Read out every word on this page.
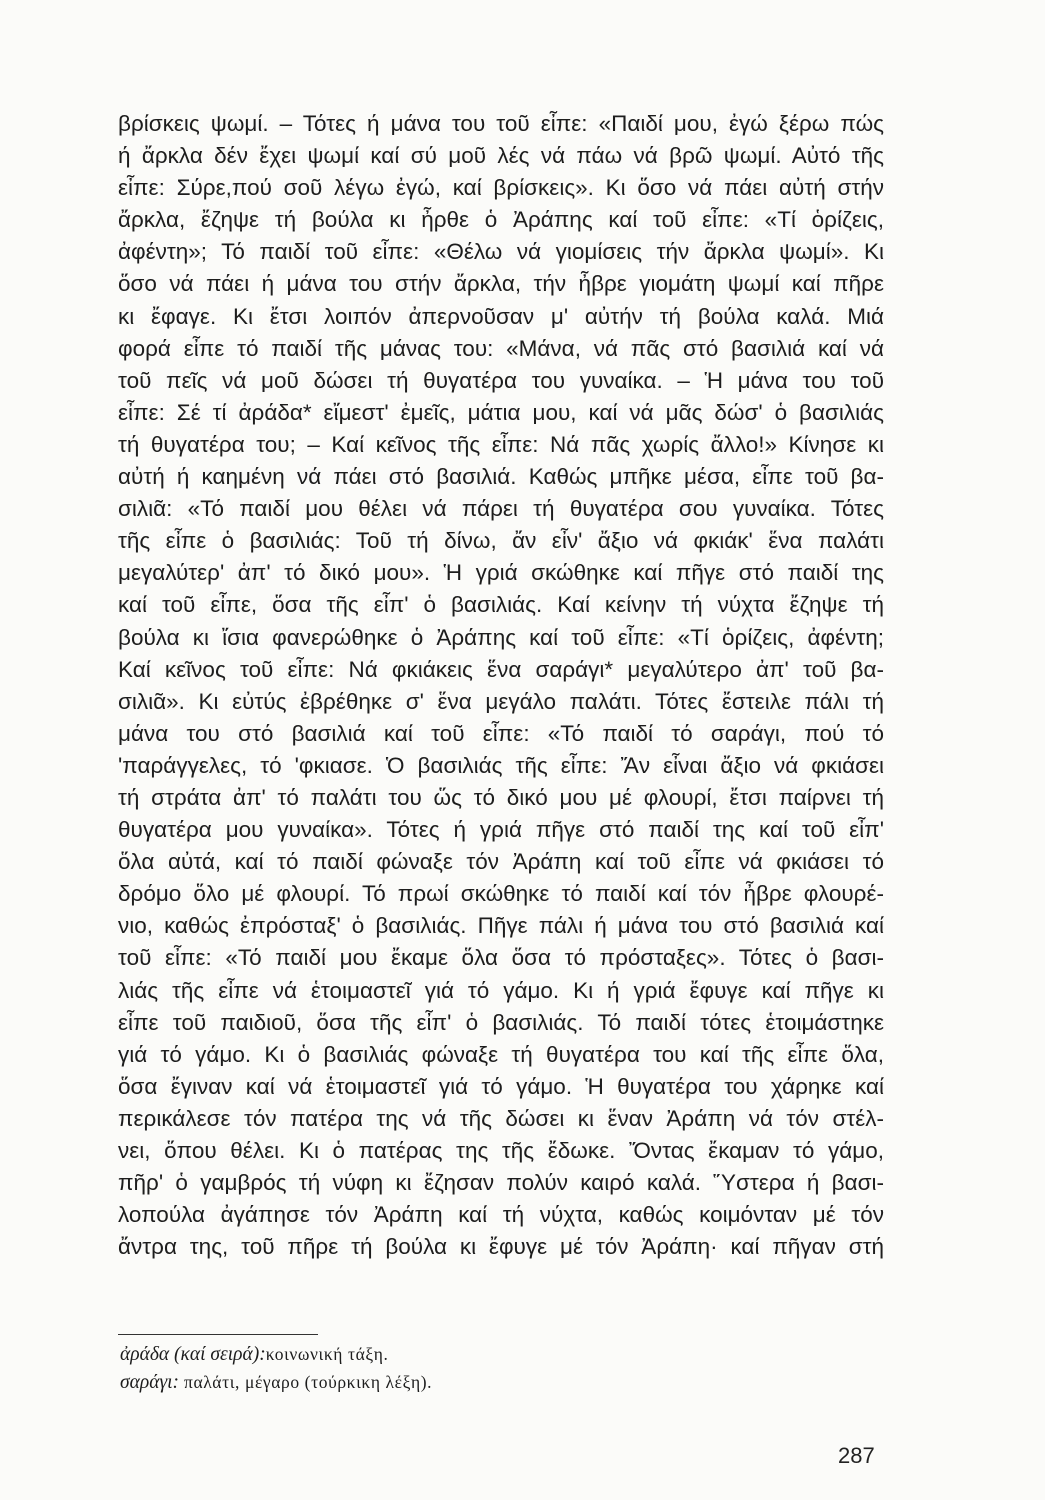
βρίσκεις ψωμί. – Τότες ή μάνα του τοῦ εἶπε: «Παιδί μου, ἐγώ ξέρω πώς
ή ἄρκλα δέν ἔχει ψωμί καί σύ μοῦ λές νά πάω νά βρῶ ψωμί. Αὐτό τῆς
εἶπε: Σύρε,πού σοῦ λέγω ἐγώ, καί βρίσκεις». Κι ὅσο νά πάει αὐτή στήν
ἄρκλα, ἔζηψε τή βούλα κι ἦρθε ὁ Ἀράπης καί τοῦ εἶπε: «Τί ὁρίζεις,
ἀφέντη»; Τό παιδί τοῦ εἶπε: «Θέλω νά γιομίσεις τήν ἄρκλα ψωμί». Κι
ὅσο νά πάει ή μάνα του στήν ἄρκλα, τήν ἦβρε γιομάτη ψωμί καί πῆρε
κι ἔφαγε. Κι ἔτσι λοιπόν ἀπερνοῦσαν μ' αὐτήν τή βούλα καλά. Μιά
φορά εἶπε τό παιδί τῆς μάνας του: «Μάνα, νά πᾶς στό βασιλιά καί νά
τοῦ πεῖς νά μοῦ δώσει τή θυγατέρα του γυναίκα. – Ἡ μάνα του τοῦ
εἶπε: Σέ τί ἀράδα* εἴμεστ' ἐμεῖς, μάτια μου, καί νά μᾶς δώσ' ὁ βασιλιάς
τή θυγατέρα του; – Καί κεῖνος τῆς εἶπε: Νά πᾶς χωρίς ἄλλο!» Κίνησε κι
αὐτή ή καημένη νά πάει στό βασιλιά. Καθώς μπῆκε μέσα, εἶπε τοῦ βα-
σιλιᾶ: «Τό παιδί μου θέλει νά πάρει τή θυγατέρα σου γυναίκα. Τότες
τῆς εἶπε ὁ βασιλιάς: Τοῦ τή δίνω, ἄν εἶν' ἄξιο νά φκιάκ' ἕνα παλάτι
μεγαλύτερ' ἀπ' τό δικό μου». Ἡ γριά σκώθηκε καί πῆγε στό παιδί της
καί τοῦ εἶπε, ὅσα τῆς εἶπ' ὁ βασιλιάς. Καί κείνην τή νύχτα ἔζηψε τή
βούλα κι ἴσια φανερώθηκε ὁ Ἀράπης καί τοῦ εἶπε: «Τί ὁρίζεις, ἀφέντη;
Καί κεῖνος τοῦ εἶπε: Νά φκιάκεις ἕνα σαράγι* μεγαλύτερο ἀπ' τοῦ βα-
σιλιᾶ». Κι εὐτύς ἐβρέθηκε σ' ἕνα μεγάλο παλάτι. Τότες ἔστειλε πάλι τή
μάνα του στό βασιλιά καί τοῦ εἶπε: «Τό παιδί τό σαράγι, πού τό
'παράγγελες, τό 'φκιασε. Ὁ βασιλιάς τῆς εἶπε: Ἄν εἶναι ἄξιο νά φκιάσει
τή στράτα ἀπ' τό παλάτι του ὥς τό δικό μου μέ φλουρί, ἔτσι παίρνει τή
θυγατέρα μου γυναίκα». Τότες ή γριά πῆγε στό παιδί της καί τοῦ εἶπ'
ὅλα αὐτά, καί τό παιδί φώναξε τόν Ἀράπη καί τοῦ εἶπε νά φκιάσει τό
δρόμο ὅλο μέ φλουρί. Τό πρωί σκώθηκε τό παιδί καί τόν ἦβρε φλουρέ-
νιο, καθώς ἐπρόσταξ' ὁ βασιλιάς. Πῆγε πάλι ή μάνα του στό βασιλιά καί
τοῦ εἶπε: «Τό παιδί μου ἔκαμε ὅλα ὅσα τό πρόσταξες». Τότες ὁ βασι-
λιάς τῆς εἶπε νά ἑτοιμαστεῖ γιά τό γάμο. Κι ή γριά ἔφυγε καί πῆγε κι
εἶπε τοῦ παιδιοῦ, ὅσα τῆς εἶπ' ὁ βασιλιάς. Τό παιδί τότες ἑτοιμάστηκε
γιά τό γάμο. Κι ὁ βασιλιάς φώναξε τή θυγατέρα του καί τῆς εἶπε ὅλα,
ὅσα ἔγιναν καί νά ἑτοιμαστεῖ γιά τό γάμο. Ἡ θυγατέρα του χάρηκε καί
περικάλεσε τόν πατέρα της νά τῆς δώσει κι ἕναν Ἀράπη νά τόν στέλ-
νει, ὅπου θέλει. Κι ὁ πατέρας της τῆς ἔδωκε. Ὄντας ἔκαμαν τό γάμο,
πῆρ' ὁ γαμβρός τή νύφη κι ἔζησαν πολύν καιρό καλά. Ὕστερα ή βασι-
λοπούλα ἀγάπησε τόν Ἀράπη καί τή νύχτα, καθώς κοιμόνταν μέ τόν
ἄντρα της, τοῦ πῆρε τή βούλα κι ἔφυγε μέ τόν Ἀράπη· καί πῆγαν στή
ἀράδα (καί σειρά):κοινωνική τάξη.
σαράγι: παλάτι, μέγαρο (τούρκικη λέξη).
287
